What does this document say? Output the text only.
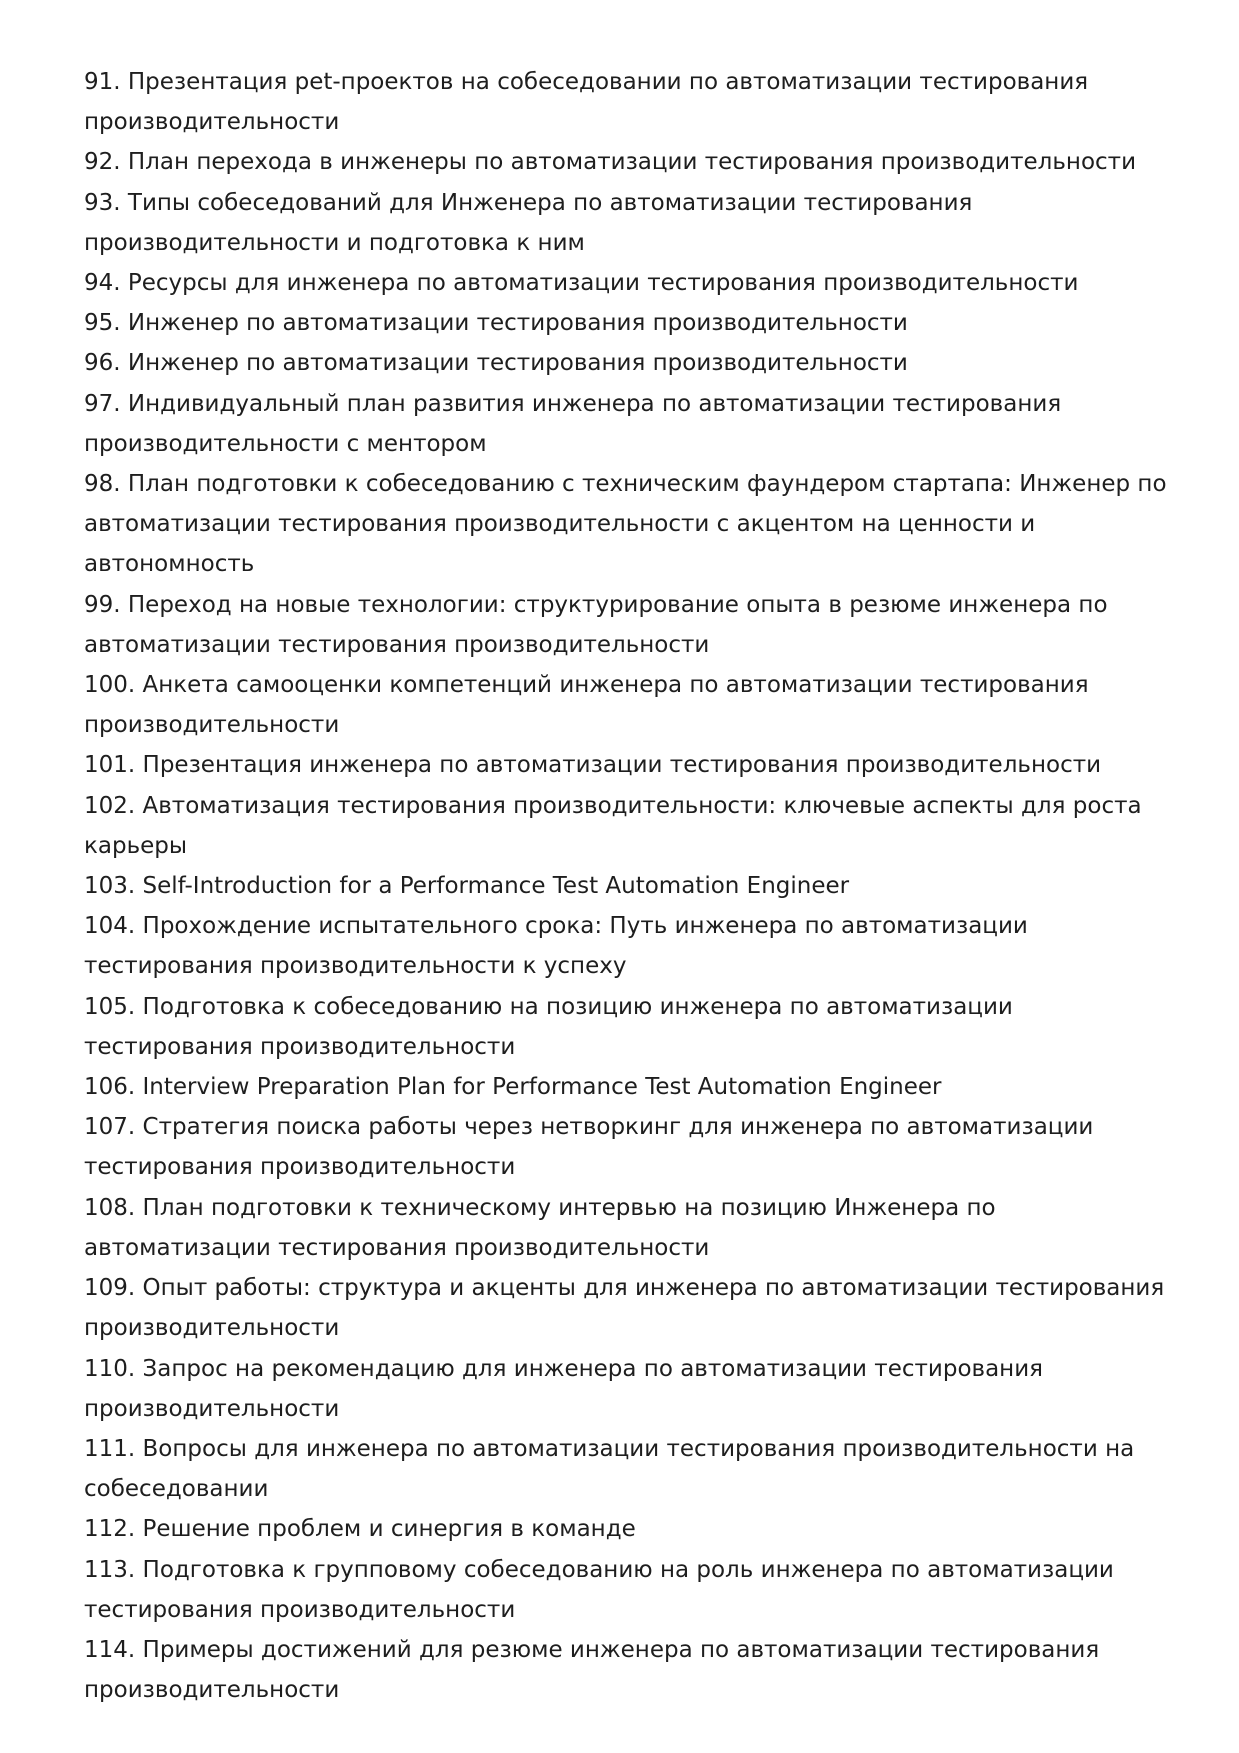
91. Презентация pet-проектов на собеседовании по автоматизации тестирования производительности
92. План перехода в инженеры по автоматизации тестирования производительности
93. Типы собеседований для Инженера по автоматизации тестирования производительности и подготовка к ним
94. Ресурсы для инженера по автоматизации тестирования производительности
95. Инженер по автоматизации тестирования производительности
96. Инженер по автоматизации тестирования производительности
97. Индивидуальный план развития инженера по автоматизации тестирования производительности с ментором
98. План подготовки к собеседованию с техническим фаундером стартапа: Инженер по автоматизации тестирования производительности с акцентом на ценности и автономность
99. Переход на новые технологии: структурирование опыта в резюме инженера по автоматизации тестирования производительности
100. Анкета самооценки компетенций инженера по автоматизации тестирования производительности
101. Презентация инженера по автоматизации тестирования производительности
102. Автоматизация тестирования производительности: ключевые аспекты для роста карьеры
103. Self-Introduction for a Performance Test Automation Engineer
104. Прохождение испытательного срока: Путь инженера по автоматизации тестирования производительности к успеху
105. Подготовка к собеседованию на позицию инженера по автоматизации тестирования производительности
106. Interview Preparation Plan for Performance Test Automation Engineer
107. Стратегия поиска работы через нетворкинг для инженера по автоматизации тестирования производительности
108. План подготовки к техническому интервью на позицию Инженера по автоматизации тестирования производительности
109. Опыт работы: структура и акценты для инженера по автоматизации тестирования производительности
110. Запрос на рекомендацию для инженера по автоматизации тестирования производительности
111. Вопросы для инженера по автоматизации тестирования производительности на собеседовании
112. Решение проблем и синергия в команде
113. Подготовка к групповому собеседованию на роль инженера по автоматизации тестирования производительности
114. Примеры достижений для резюме инженера по автоматизации тестирования производительности
